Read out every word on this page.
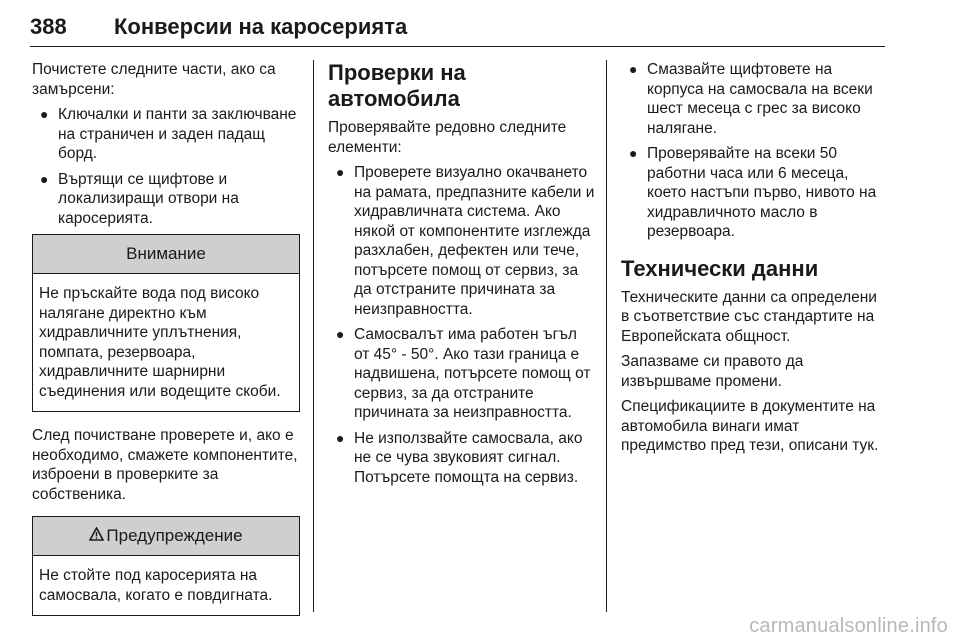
388 Конверсии на каросерията

Почистете следните части, ако са замърсени:

● Ключалки и панти за заключване на страничен и заден падащ борд.
● Въртящи се щифтове и локализиращи отвори на каросерията.
Внимание
Не пръскайте вода под високо налягане директно към хидравличните уплътнения, помпата, резервоара, хидравличните шарнирни съединения или водещите скоби.

След почистване проверете и, ако е необходимо, смажете компонентите, изброени в проверките за собственика.

Предупреждение
Не стойте под каросерията на самосвала, когато е повдигната.
Проверки на автомобила

Проверявайте редовно следните елементи:

● Проверете визуално окачването на рамата, предпазните кабели и хидравличната система. Ако някой от компонентите изглежда разхлабен, дефектен или тече, потърсете помощ от сервиз, за да отстраните причината за неизправността.
● Самосвалът има работен ъгъл от 45° - 50°. Ако тази граница е надвишена, потърсете помощ от сервиз, за да отстраните причината за неизправността.
● Не използвайте самосвала, ако не се чува звуковият сигнал. Потърсете помощта на сервиз.
● Смазвайте щифтовете на корпуса на самосвала на всеки шест месеца с грес за високо налягане.
● Проверявайте на всеки 50 работни часа или 6 месеца, което настъпи първо, нивото на хидравличното масло в резервоара.
Технически данни

Техническите данни са определени в съответствие със стандартите на Европейската общност.

Запазваме си правото да извършваме промени.

Спецификациите в документите на автомобила винаги имат предимство пред тези, описани тук.

carmanualsonline.info
